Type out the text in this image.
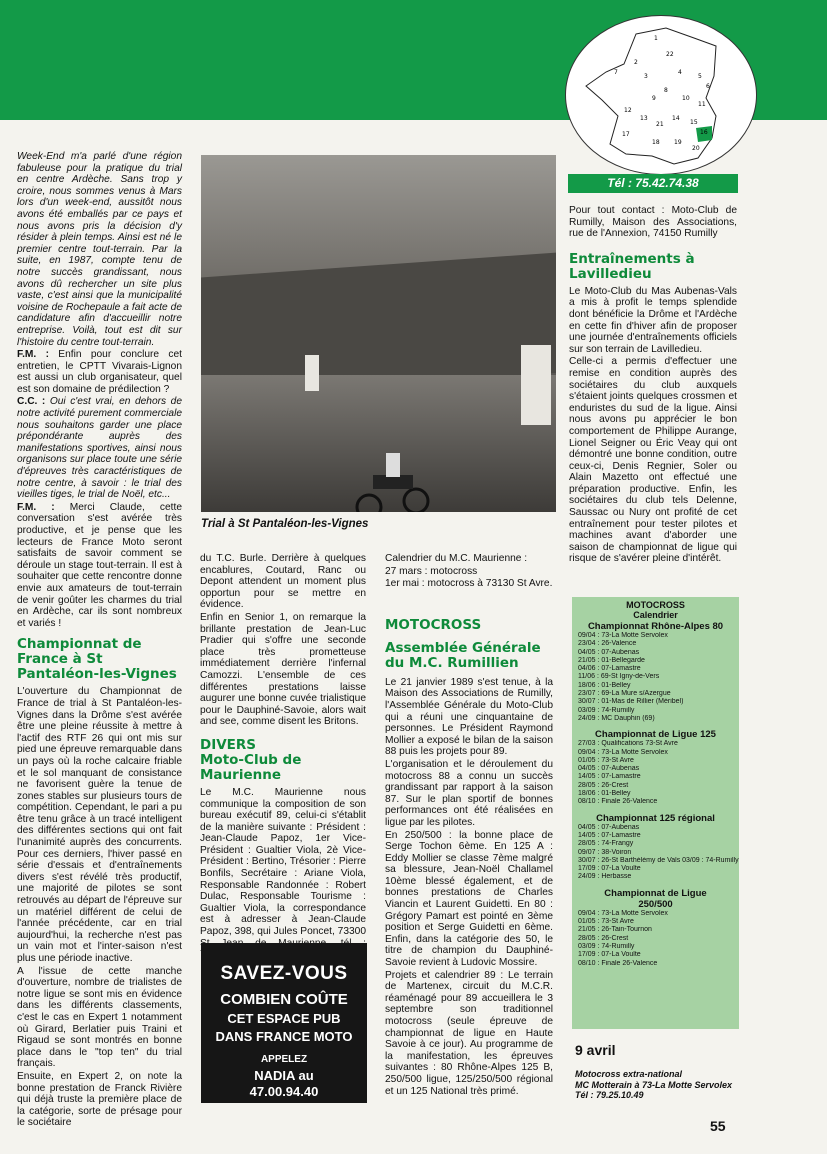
1
2
3
4
5
6
7
8
9	10
11
12
13	14
15
16
17
18 19
20
21
22
23
Tél : 75.42.74.38

Week-End m'a parlé d'une région fabuleuse pour la pratique du trial en centre Ardèche. Sans trop y croire, nous sommes venus à Mars lors d'un week-end, aussitôt nous avons été emballés par ce pays et nous avons pris la décision d'y résider à plein temps. Ainsi est né le premier centre tout-terrain. Par la suite, en 1987, compte tenu de notre succès grandissant, nous avons dû rechercher un site plus vaste, c'est ainsi que la municipalité voisine de Rochepaule a fait acte de candidature afin d'accueillir notre entreprise. Voilà, tout est dit sur l'histoire du centre tout-terrain.

F.M. : Enfin pour conclure cet entretien, le CPTT Vivarais-Lignon est aussi un club organisateur, quel est son domaine de prédilection ?

C.C. : Oui c'est vrai, en dehors de notre activité purement commerciale nous souhaitons garder une place prépondérante auprès des manifestations sportives, ainsi nous organisons sur place toute une série d'épreuves très caractéristiques de notre centre, à savoir : le trial des vieilles tiges, le trial de Noël, etc...

F.M. : Merci Claude, cette conversation s'est avérée très productive, et je pense que les lecteurs de France Moto seront satisfaits de savoir comment se déroule un stage tout-terrain. Il est à souhaiter que cette rencontre donne envie aux amateurs de tout-terrain de venir goûter les charmes du trial en Ardèche, car ils sont nombreux et variés !

Championnat de France à St Pantaléon-les-Vignes

L'ouverture du Championnat de France de trial à St Pantaléon-les-Vignes dans la Drôme s'est avérée être une pleine réussite à mettre à l'actif des RTF 26 qui ont mis sur pied une épreuve remarquable dans un pays où la roche calcaire friable et le sol manquant de consistance ne favorisent guère la tenue de zones stables sur plusieurs tours de compétition. Cependant, le pari a pu être tenu grâce à un tracé intelligent des différentes sections qui ont fait l'unanimité auprès des concurrents. Pour ces derniers, l'hiver passé en série d'essais et d'entraînements divers s'est révélé très productif, une majorité de pilotes se sont retrouvés au départ de l'épreuve sur un matériel différent de celui de l'année précédente, car en trial aujourd'hui, la recherche n'est pas un vain mot et l'inter-saison n'est plus une période inactive.

A l'issue de cette manche d'ouverture, nombre de trialistes de notre ligue se sont mis en évidence dans les différents classements, c'est le cas en Expert 1 notamment où Girard, Berlatier puis Traini et Rigaud se sont montrés en bonne place dans le "top ten" du trial français.

Ensuite, en Expert 2, on note la bonne prestation de Franck Rivière qui déjà truste la première place de la catégorie, sorte de présage pour le sociétaire

Trial à St Pantaléon-les-Vignes

du T.C. Burle. Derrière à quelques encablures, Coutard, Ranc ou Depont attendent un moment plus opportun pour se mettre en évidence.

Enfin en Senior 1, on remarque la brillante prestation de Jean-Luc Pradier qui s'offre une seconde place très prometteuse immédiatement derrière l'infernal Camozzi. L'ensemble de ces différentes prestations laisse augurer une bonne cuvée trialistique pour le Dauphiné-Savoie, alors wait and see, comme disent les Britons.

DIVERS
Moto-Club de Maurienne

Le M.C. Maurienne nous communique la composition de son bureau exécutif 89, celui-ci s'établit de la manière suivante : Président : Jean-Claude Papoz, 1er Vice-Président : Gualtier Viola, 2è Vice-Président : Bertino, Trésorier : Pierre Bonfils, Secrétaire : Ariane Viola, Responsable Randonnée : Robert Dulac, Responsable Tourisme : Gualtier Viola, la correspondance est à adresser à Jean-Claude Papoz, 398, qui Jules Poncet, 73300

SAVEZ-VOUS
COMBIEN COÛTE
CET ESPACE PUB
DANS FRANCE MOTO
APPELEZ
NADIA au
47.00.94.40

Calendrier du M.C. Maurienne :

27 mars : motocross

1er mai : motocross à 73130 St Avre.

MOTOCROSS
Assemblée Générale du M.C. Rumillien

Le 21 janvier 1989 s'est tenue, à la Maison des Associations de Rumilly, l'Assemblée Générale du Moto-Club qui a réuni une cinquantaine de personnes. Le Président Raymond Mollier a exposé le bilan de la saison 88 puis les projets pour 89.

L'organisation et le déroulement du motocross 88 a connu un succès grandissant par rapport à la saison 87. Sur le plan sportif de bonnes performances ont été réalisées en ligue par les pilotes.

En 250/500 : la bonne place de Serge Tochon 6ème. En 125 A : Eddy Mollier se classe 7ème malgré sa blessure, Jean-Noël Challamel 10ème blessé également, et de bonnes prestations de Charles Viancin et Laurent Guidetti. En 80 : Grégory Pamart est pointé en 3ème position et Serge Guidetti en 6ème. Enfin, dans la catégorie des 50, le titre de champion du Dauphiné-Savoie revient à Ludovic Mossire.

Projets et calendrier 89 : Le terrain de Martenex, circuit du M.C.R. réaménagé pour 89 accueillera le 3 septembre son traditionnel motocross (seule épreuve de championnat de ligue en Haute Savoie à ce jour). Au programme de la manifestation, les épreuves suivantes : 80 Rhône-Alpes 125 B, 250/500 ligue, 125/250/500 régional et un 125 National très primé.

Pour tout contact : Moto-Club de Rumilly, Maison des Associations, rue de l'Annexion, 74150 Rumilly

Entraînements à Lavilledieu

Le Moto-Club du Mas Aubenas-Vals a mis à profit le temps splendide dont bénéficie la Drôme et l'Ardèche en cette fin d'hiver afin de proposer une journée d'entraînements officiels sur son terrain de Lavilledieu.

Celle-ci a permis d'effectuer une remise en condition auprès des sociétaires du club auxquels s'étaient joints quelques crossmen et enduristes du sud de la ligue. Ainsi nous avons pu apprécier le bon comportement de Philippe Aurange, Lionel Seigner ou Éric Veay qui ont démontré une bonne condition, outre ceux-ci, Denis Regnier, Soler ou Alain Mazetto ont effectué une préparation productive. Enfin, les sociétaires du club tels Delenne, Saussac ou Nury ont profité de cet entraînement pour tester pilotes et machines avant d'aborder une saison de championnat de ligue qui risque de s'avérer pleine d'intérêt.

MOTOCROSS
Calendrier
Championnat Rhône-Alpes 80
09/04 : 73-La Motte Servolex
23/04 : 26-Valence
04/05 : 07-Aubenas
21/05 : 01-Bellegarde
04/06 : 07-Lamastre
11/06 : 69-St Igny-de-Vers
18/06 : 01-Belley
23/07 : 69-La Mure s/Azergue
30/07 : 01-Mas de Rillier (Méribel)
03/09 : 74-Rumilly
24/09 : MC Dauphin (69)
Championnat de Ligue 125
27/03 : Qualifications 73-St Avre
09/04 : 73-La Motte Servolex
01/05 : 73-St Avre
04/05 : 07-Aubenas
14/05 : 07-Lamastre
28/05 : 26-Crest
18/06 : 01-Belley
08/10 : Finale 26-Valence
Championnat 125 régional
04/05 : 07-Aubenas
14/05 : 07-Lamastre
28/05 : 74-Frangy
09/07 : 38-Voiron
30/07 : 26-St Barthélémy de Vals 03/09 : 74-Rumilly
17/09 : 07-La Voulte
24/09 : Herbasse
Championnat de Ligue
250/500
09/04 : 73-La Motte Servolex
01/05 : 73-St Avre
21/05 : 26-Tain-Tournon
28/05 : 26-Crest
03/09 : 74-Rumilly
17/09 : 07-La Voulte
08/10 : Finale 26-Valence
9 avril
Motocross extra-national
MC Motterain à 73-La Motte Servolex
Tél : 79.25.10.49
55
